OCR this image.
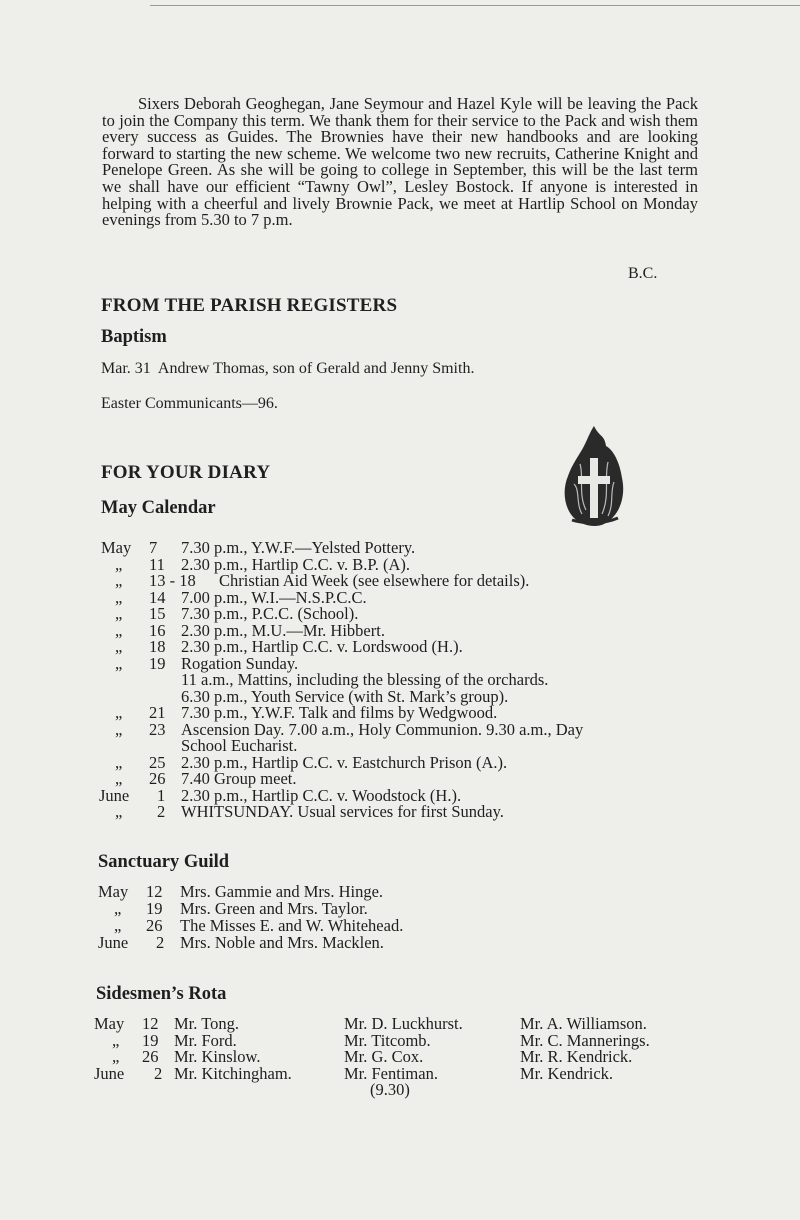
Sixers Deborah Geoghegan, Jane Seymour and Hazel Kyle will be leaving the Pack to join the Company this term. We thank them for their service to the Pack and wish them every success as Guides. The Brownies have their new handbooks and are looking forward to starting the new scheme. We welcome two new recruits, Catherine Knight and Penelope Green. As she will be going to college in September, this will be the last term we shall have our efficient “Tawny Owl”, Lesley Bostock. If anyone is interested in helping with a cheerful and lively Brownie Pack, we meet at Hartlip School on Monday evenings from 5.30 to 7 p.m.

B.C.
FROM THE PARISH REGISTERS
Baptism

Mar. 31  Andrew Thomas, son of Gerald and Jenny Smith.

Easter Communicants—96.

FOR YOUR DIARY
May Calendar
May	7	7.30 p.m., Y.W.F.—Yelsted Pottery.
„	11 2.30 p.m., Hartlip C.C. v. B.P. (A).
„	13 - 18	Christian Aid Week (see elsewhere for details).
„	14 7.00 p.m., W.I.—N.S.P.C.C.
„	15 7.30 p.m., P.C.C. (School).
„	16 2.30 p.m., M.U.—Mr. Hibbert.
„	18 2.30 p.m., Hartlip C.C. v. Lordswood (H.).
„	19 Rogation Sunday.
11 a.m., Mattins, including the blessing of the orchards.
6.30 p.m., Youth Service (with St. Mark’s group).
„	21 7.30 p.m., Y.W.F. Talk and films by Wedgwood.
„	23 Ascension Day. 7.00 a.m., Holy Communion. 9.30 a.m., Day
School Eucharist.
„	25 2.30 p.m., Hartlip C.C. v. Eastchurch Prison (A.).
„	26 7.40 Group meet.
June	1 2.30 p.m., Hartlip C.C. v. Woodstock (H.).
„	2 WHITSUNDAY. Usual services for first Sunday.
Sanctuary Guild
May	12	Mrs. Gammie and Mrs. Hinge.
„	19	Mrs. Green and Mrs. Taylor.
„	26	The Misses E. and W. Whitehead.
June	2 Mrs. Noble and Mrs. Macklen.
Sidesmen’s Rota
May	12 Mr. Tong.	Mr. D. Luckhurst.	Mr. A. Williamson.
„	19 Mr. Ford.	Mr. Titcomb.	Mr. C. Mannerings.
„	26 Mr. Kinslow.	Mr. G. Cox.	Mr. R. Kendrick.
June	2 Mr. Kitchingham.	Mr. Fentiman.	Mr. Kendrick.
(9.30)
